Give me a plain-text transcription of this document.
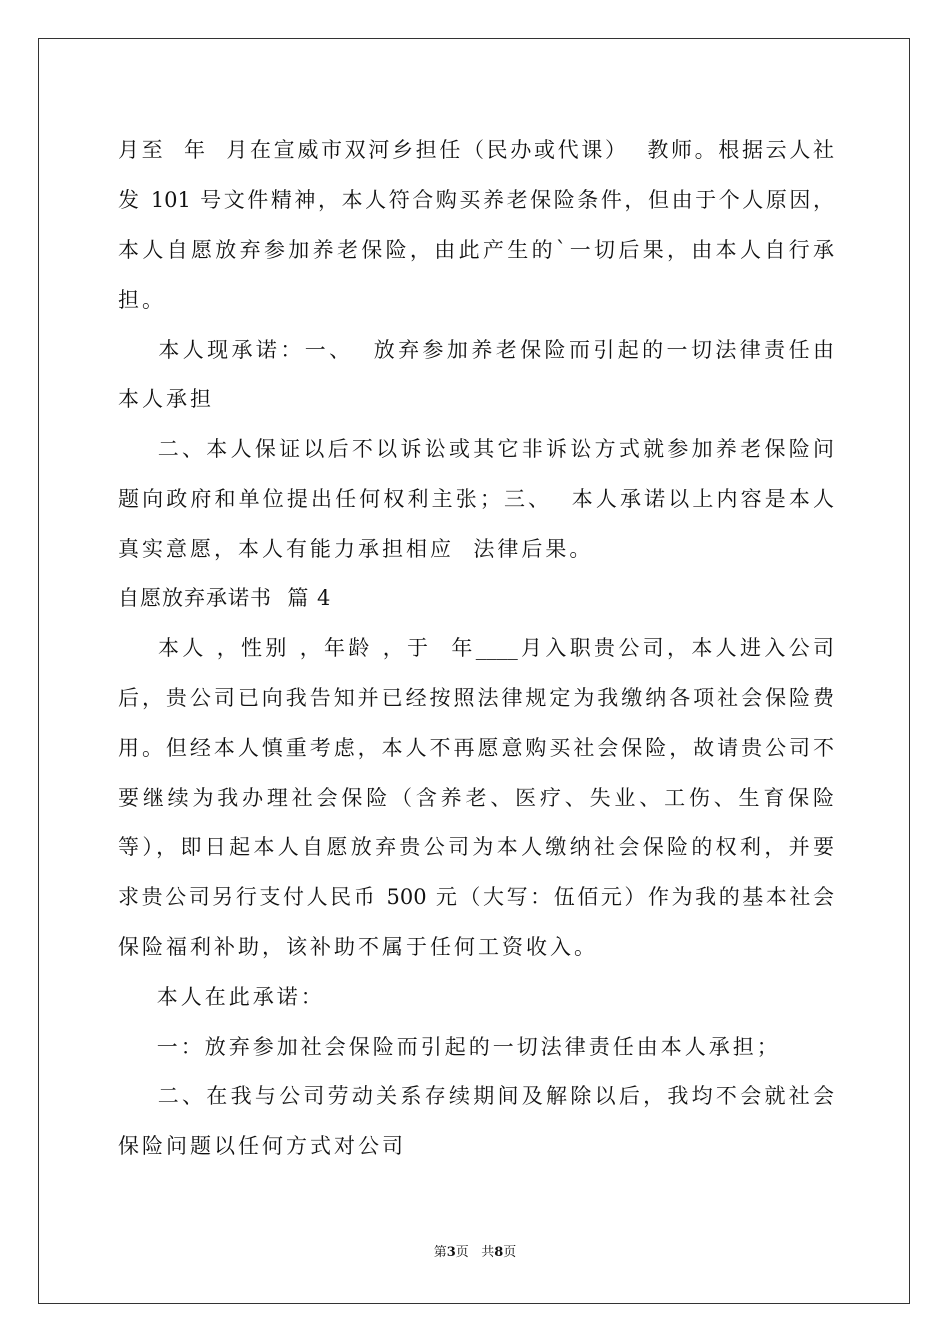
月至  年  月在宣威市双河乡担任（民办或代课）  教师。根据云人社
发 101 号文件精神，本人符合购买养老保险条件，但由于个人原因，
本人自愿放弃参加养老保险，由此产生的`一切后果，由本人自行承
担。
本人现承诺：一、  放弃参加养老保险而引起的一切法律责任由
本人承担
二、本人保证以后不以诉讼或其它非诉讼方式就参加养老保险问
题向政府和单位提出任何权利主张；三、  本人承诺以上内容是本人
真实意愿，本人有能力承担相应  法律后果。
自愿放弃承诺书  篇 4
本人 ，性别 ，年龄 ，于  年____月入职贵公司，本人进入公司
后，贵公司已向我告知并已经按照法律规定为我缴纳各项社会保险费
用。但经本人慎重考虑，本人不再愿意购买社会保险，故请贵公司不
要继续为我办理社会保险（含养老、医疗、失业、工伤、生育保险
等），即日起本人自愿放弃贵公司为本人缴纳社会保险的权利，并要
求贵公司另行支付人民币 500 元（大写：伍佰元）作为我的基本社会
保险福利补助，该补助不属于任何工资收入。
本人在此承诺：
一：放弃参加社会保险而引起的一切法律责任由本人承担；
二、在我与公司劳动关系存续期间及解除以后，我均不会就社会
保险问题以任何方式对公司
第3页   共8页
